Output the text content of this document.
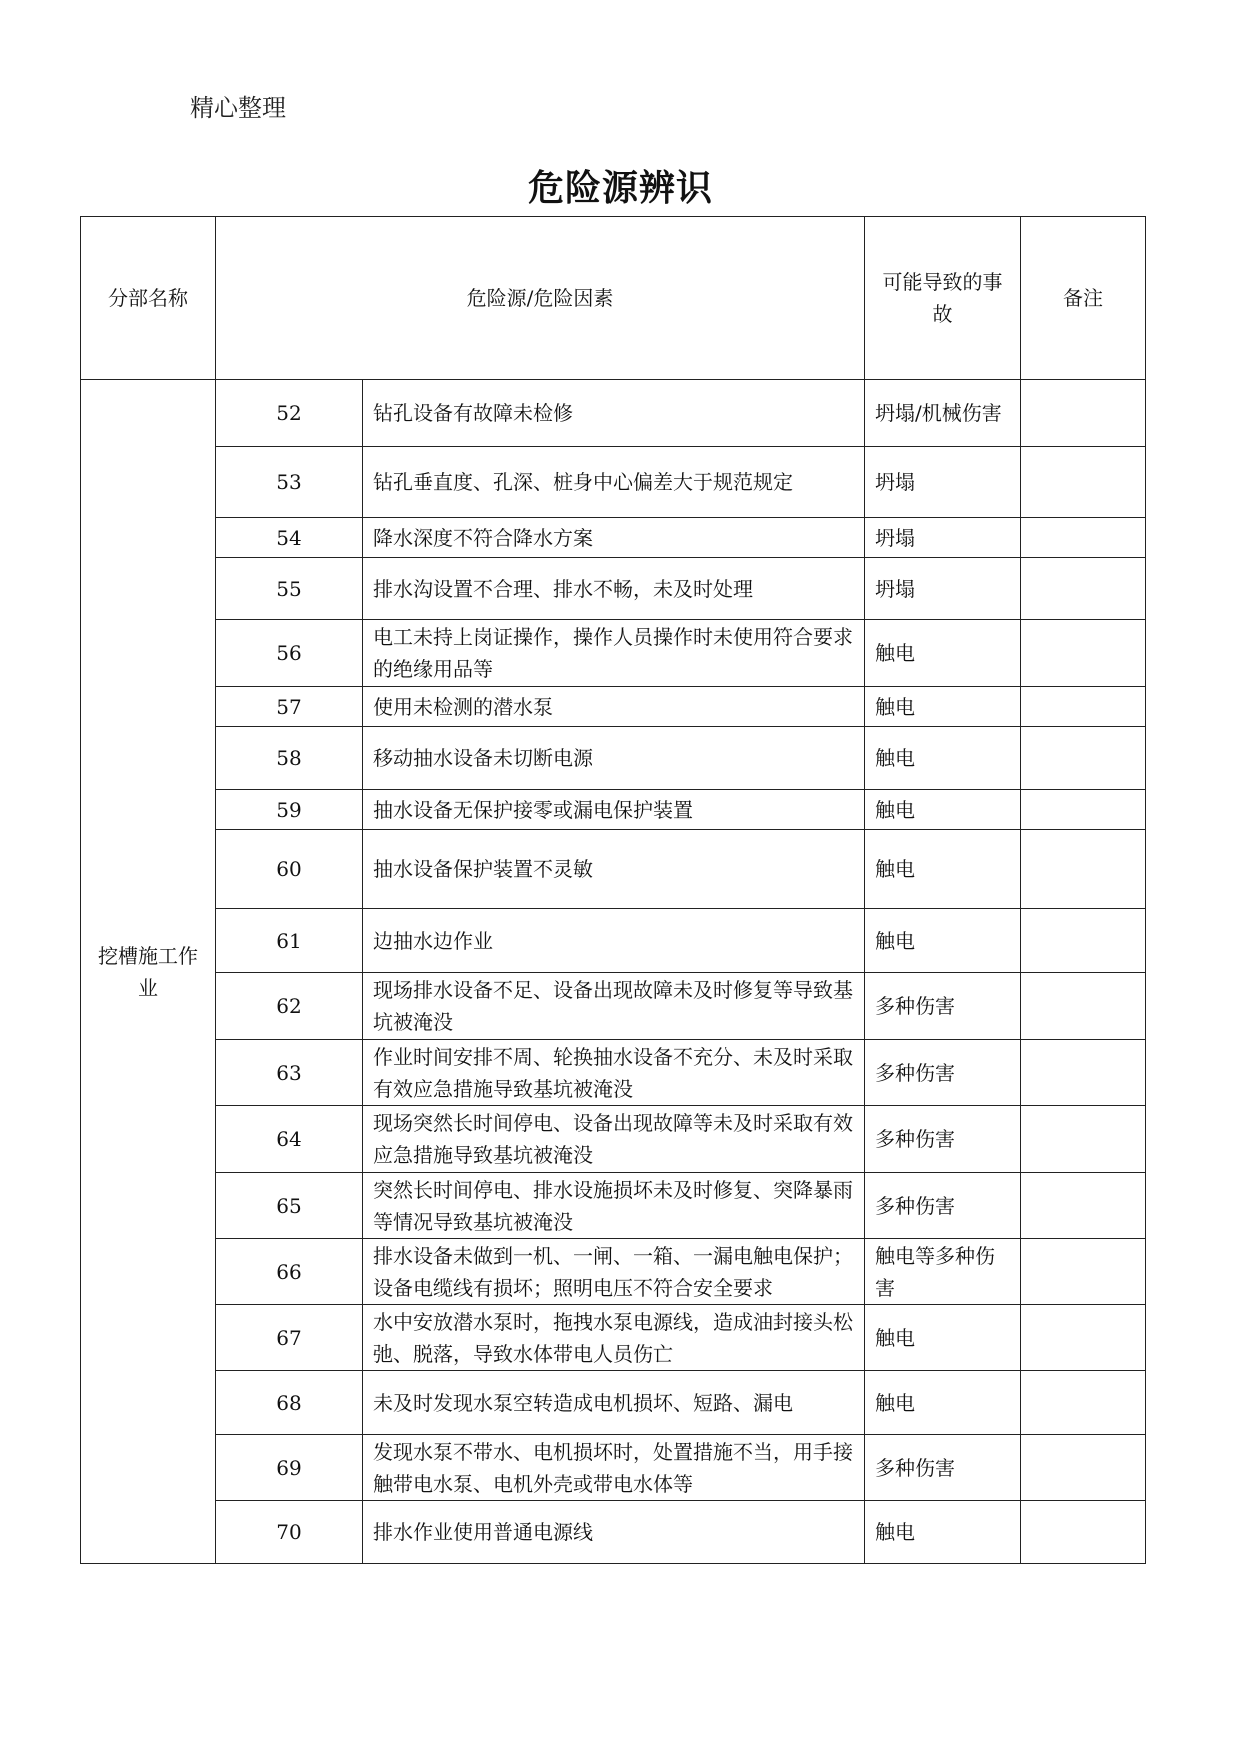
精心整理
危险源辨识
分部名称	危险源/危险因素		可能导致的事故	备注
挖槽施工作业	52	钻孔设备有故障未检修	坍塌/机械伤害	
	53	钻孔垂直度、孔深、桩身中心偏差大于规范规定	坍塌	
	54	降水深度不符合降水方案	坍塌	
	55	排水沟设置不合理、排水不畅，未及时处理	坍塌	
	56	电工未持上岗证操作，操作人员操作时未使用符合要求的绝缘用品等	触电	
	57	使用未检测的潜水泵	触电	
	58	移动抽水设备未切断电源	触电	
	59	抽水设备无保护接零或漏电保护装置	触电	
	60	抽水设备保护装置不灵敏	触电	
	61	边抽水边作业	触电	
	62	现场排水设备不足、设备出现故障未及时修复等导致基坑被淹没	多种伤害	
	63	作业时间安排不周、轮换抽水设备不充分、未及时采取有效应急措施导致基坑被淹没	多种伤害	
	64	现场突然长时间停电、设备出现故障等未及时采取有效应急措施导致基坑被淹没	多种伤害	
	65	突然长时间停电、排水设施损坏未及时修复、突降暴雨等情况导致基坑被淹没	多种伤害	
	66	排水设备未做到一机、一闸、一箱、一漏电触电保护；设备电缆线有损坏；照明电压不符合安全要求	触电等多种伤害	
	67	水中安放潜水泵时，拖拽水泵电源线，造成油封接头松弛、脱落，导致水体带电人员伤亡	触电	
	68	未及时发现水泵空转造成电机损坏、短路、漏电	触电	
	69	发现水泵不带水、电机损坏时，处置措施不当，用手接触带电水泵、电机外壳或带电水体等	多种伤害	
	70	排水作业使用普通电源线	触电	
